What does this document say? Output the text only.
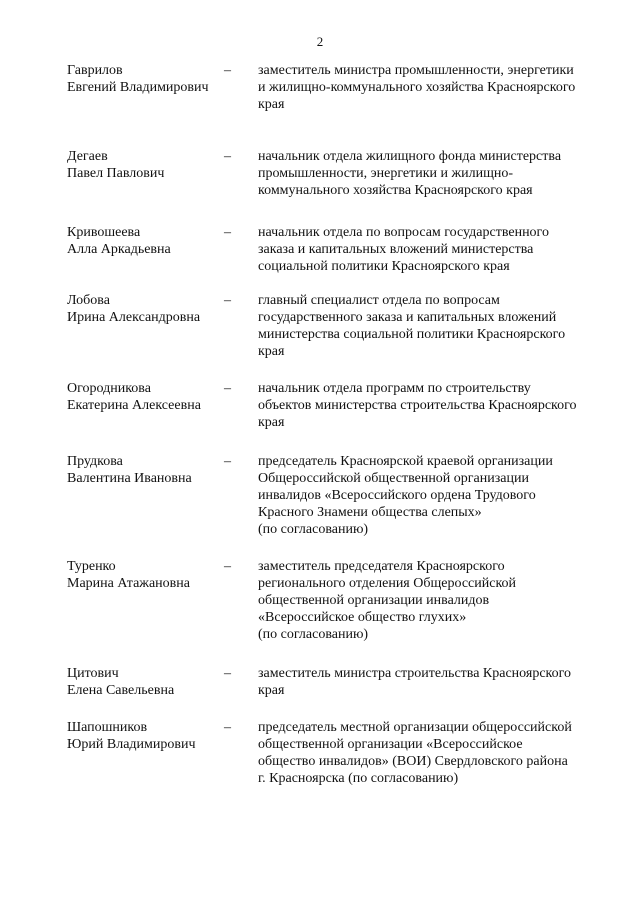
2
Гаврилов
Евгений Владимирович
– заместитель министра промышленности, энергетики
и жилищно-коммунального хозяйства Красноярского
края
Дегаев
Павел Павлович
– начальник отдела жилищного фонда министерства
промышленности, энергетики и жилищно-
коммунального хозяйства Красноярского края
Кривошеева
Алла Аркадьевна
– начальник отдела по вопросам государственного
заказа и капитальных вложений министерства
социальной политики Красноярского края
Лобова
Ирина Александровна
– главный специалист отдела по вопросам
государственного заказа и капитальных вложений
министерства социальной политики Красноярского
края
Огородникова
Екатерина Алексеевна
– начальник отдела программ по строительству
объектов министерства строительства Красноярского
края
Прудкова
Валентина Ивановна
– председатель Красноярской краевой организации
Общероссийской общественной организации
инвалидов «Всероссийского ордена Трудового
Красного Знамени общества слепых»
(по согласованию)
Туренко
Марина Атажановна
– заместитель председателя Красноярского
регионального отделения Общероссийской
общественной организации инвалидов
«Всероссийское общество глухих»
(по согласованию)
Цитович
Елена Савельевна
– заместитель министра строительства Красноярского
края
Шапошников
Юрий Владимирович
– председатель местной организации общероссийской
общественной организации «Всероссийское
общество инвалидов» (ВОИ) Свердловского района
г. Красноярска (по согласованию)
